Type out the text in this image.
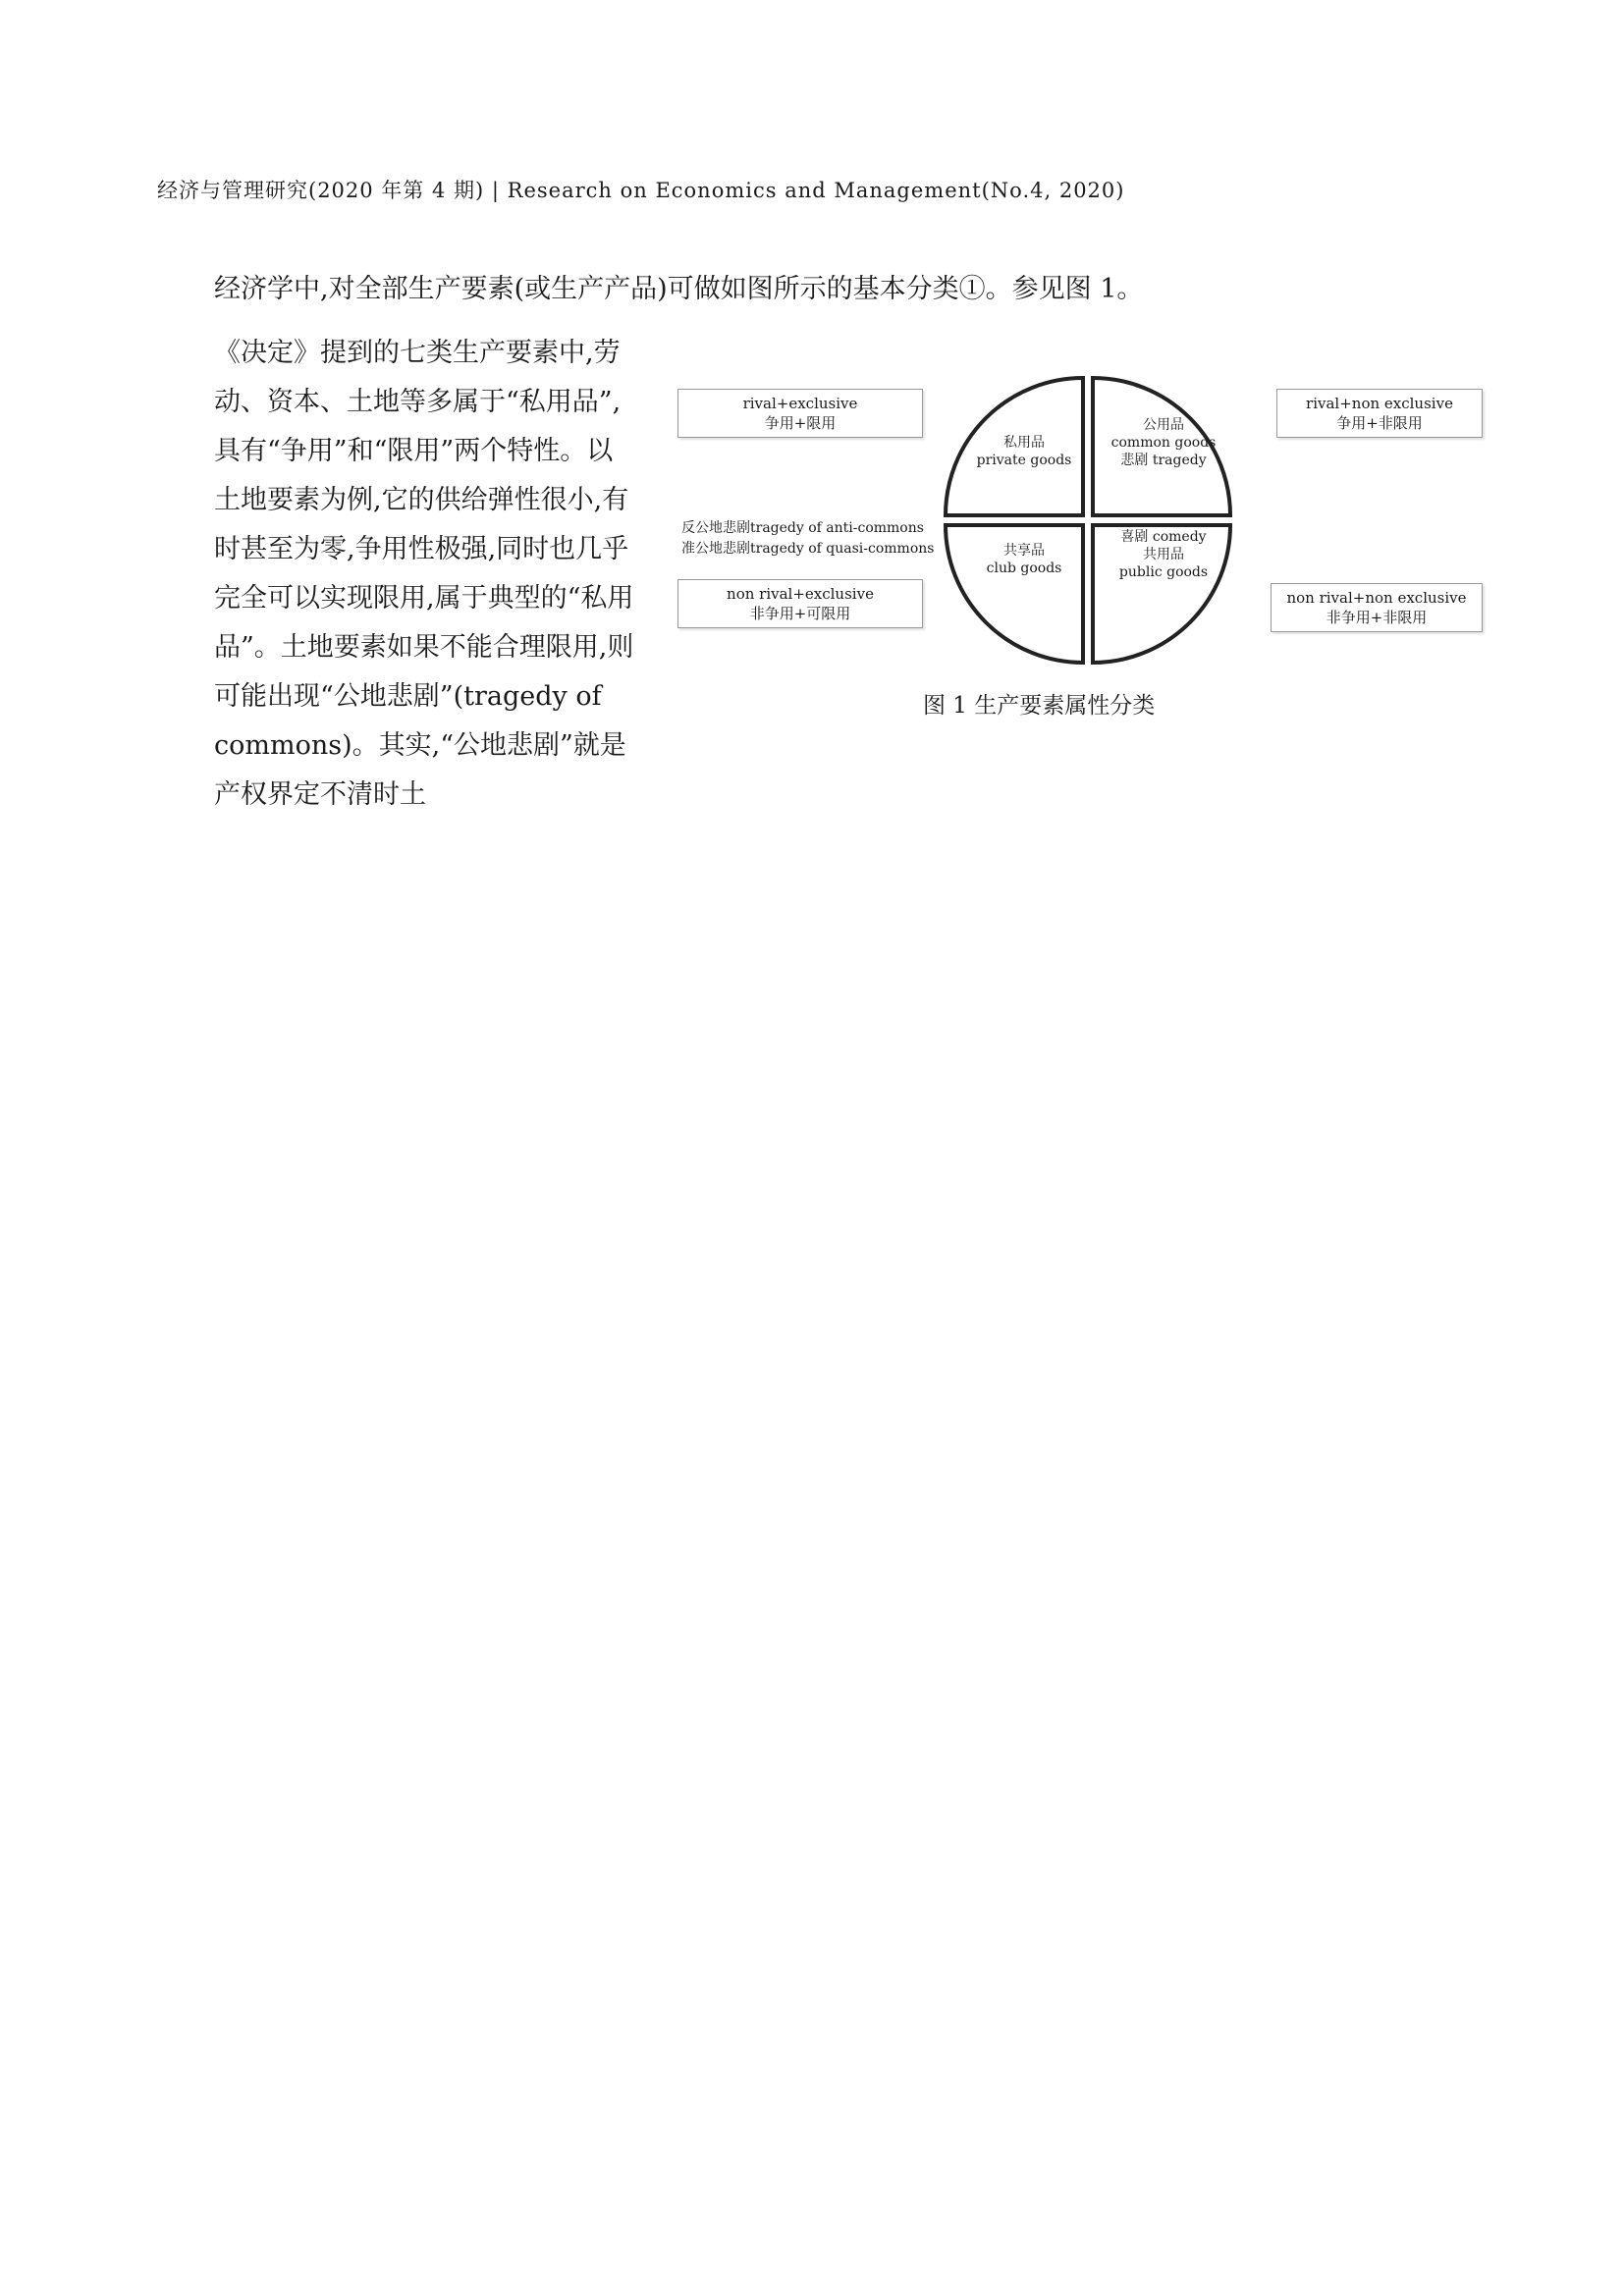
经济与管理研究(2020 年第 4 期) | Research on Economics and Management(No.4, 2020)
经济学中,对全部生产要素(或生产产品)可做如图所示的基本分类①。参见图 1。
《决定》提到的七类生产要素中,劳动、资本、土地等多属于“私用品”,具有“争用”和“限用”两个特性。以土地要素为例,它的供给弹性很小,有时甚至为零,争用性极强,同时也几乎完全可以实现限用,属于典型的“私用品”。土地要素如果不能合理限用,则可能出现“公地悲剧”(tragedy of commons)。其实,“公地悲剧”就是产权界定不清时土
私用品
private goods
公用品
common goods
悲剧 tragedy
共享品
club goods
喜剧 comedy
共用品
public goods
rival+exclusive
争用+限用
rival+non exclusive
争用+非限用
反公地悲剧tragedy of anti-commons
准公地悲剧tragedy of quasi-commons
non rival+exclusive
非争用+可限用
non rival+non exclusive
非争用+非限用
图 1 生产要素属性分类
